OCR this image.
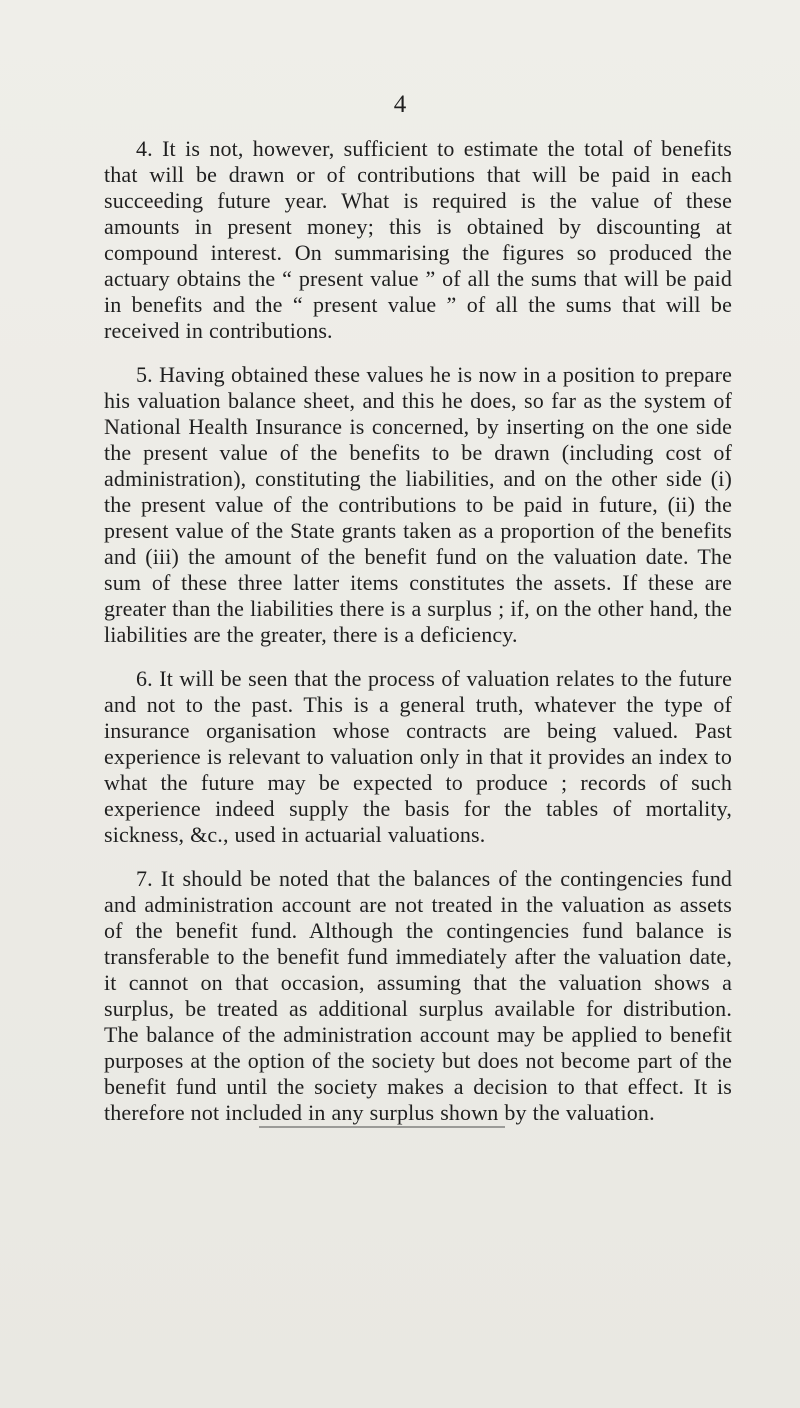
4

4. It is not, however, sufficient to estimate the total of benefits that will be drawn or of contributions that will be paid in each succeeding future year. What is required is the value of these amounts in present money; this is obtained by discounting at compound interest. On summarising the figures so produced the actuary obtains the “ present value ” of all the sums that will be paid in benefits and the “ present value ” of all the sums that will be received in contributions.

5. Having obtained these values he is now in a position to prepare his valuation balance sheet, and this he does, so far as the system of National Health Insurance is concerned, by inserting on the one side the present value of the benefits to be drawn (including cost of administration), constituting the liabilities, and on the other side (i) the present value of the contributions to be paid in future, (ii) the present value of the State grants taken as a proportion of the benefits and (iii) the amount of the benefit fund on the valuation date. The sum of these three latter items constitutes the assets. If these are greater than the liabilities there is a surplus ; if, on the other hand, the liabilities are the greater, there is a deficiency.

6. It will be seen that the process of valuation relates to the future and not to the past. This is a general truth, whatever the type of insurance organisation whose contracts are being valued. Past experience is relevant to valuation only in that it provides an index to what the future may be expected to produce ; records of such experience indeed supply the basis for the tables of mortality, sickness, &c., used in actuarial valuations.

7. It should be noted that the balances of the contingencies fund and administration account are not treated in the valuation as assets of the benefit fund. Although the contingencies fund balance is transferable to the benefit fund immediately after the valuation date, it cannot on that occasion, assuming that the valuation shows a surplus, be treated as additional surplus available for distribution. The balance of the administration account may be applied to benefit purposes at the option of the society but does not become part of the benefit fund until the society makes a decision to that effect. It is therefore not included in any surplus shown by the valuation.
